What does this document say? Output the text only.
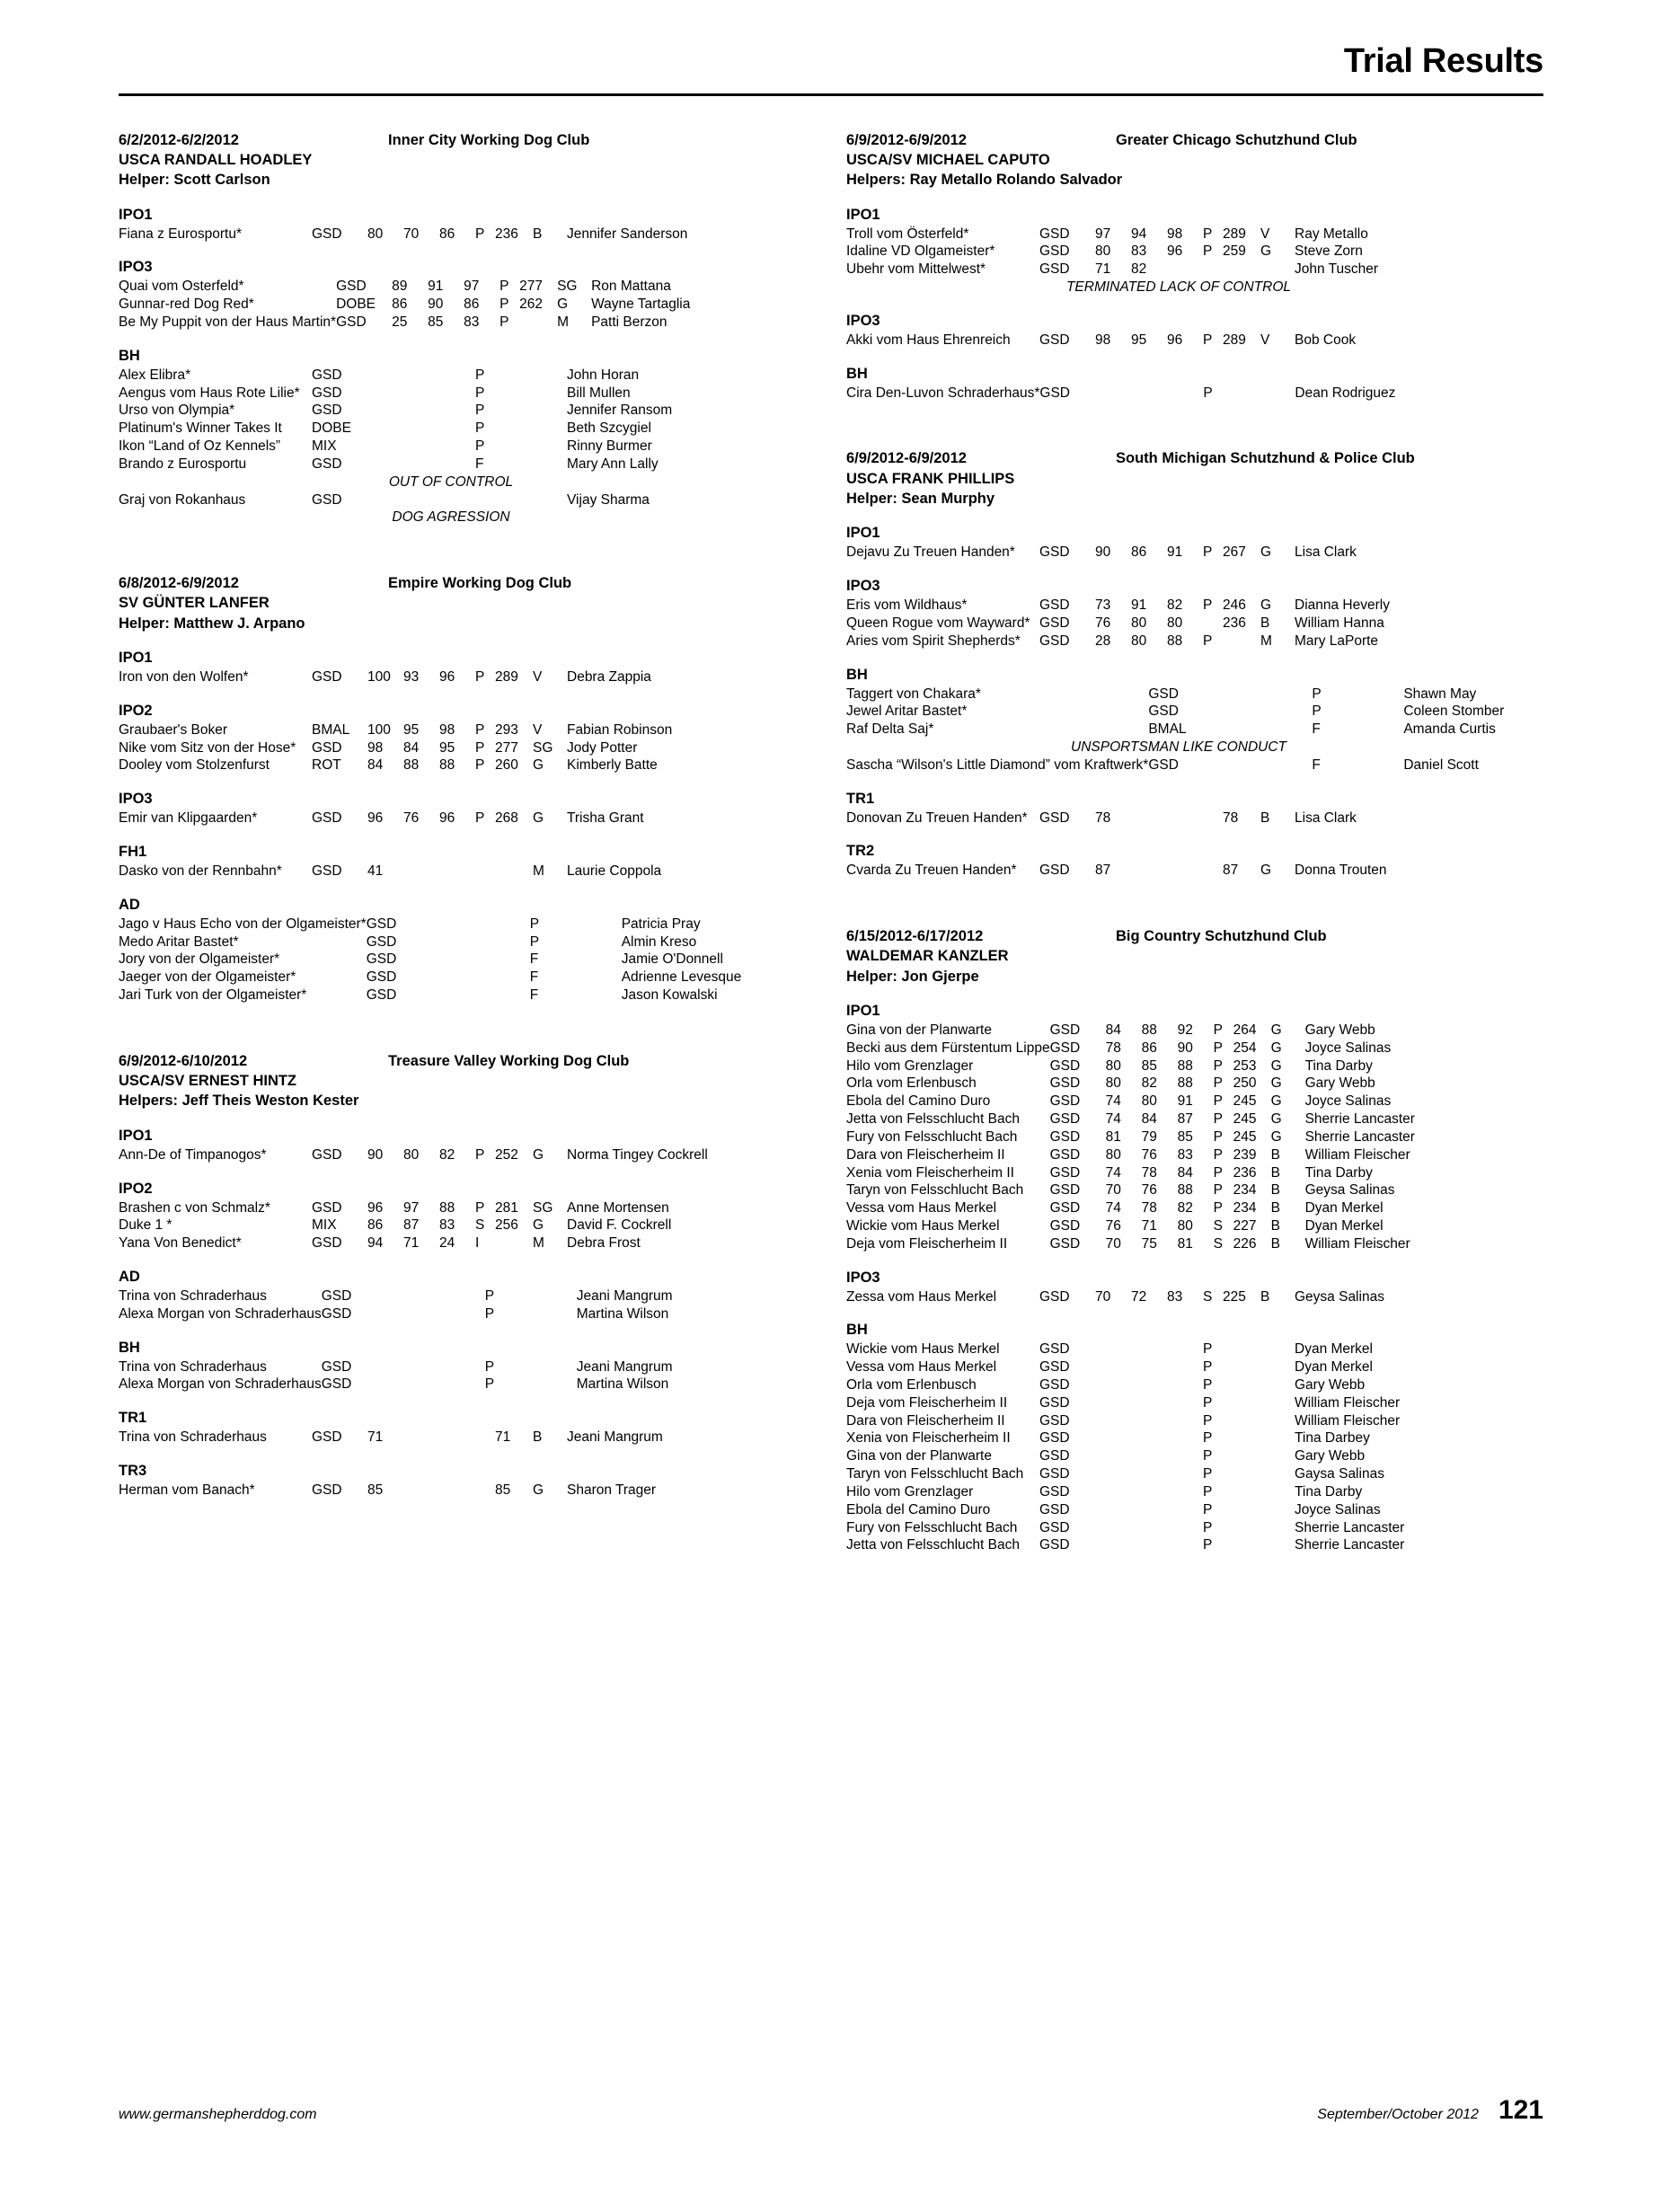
Trial Results
6/2/2012-6/2/2012	Inner City Working Dog Club
USCA RANDALL HOADLEY
Helper: Scott Carlson
IPO1
Fiana z Eurosportu*	GSD	80	70	86	P	236	B	Jennifer Sanderson
IPO3
Quai vom Osterfeld*	GSD	89	91	97	P	277	SG	Ron Mattana
Gunnar-red Dog Red*	DOBE	86	90	86	P	262	G	Wayne Tartaglia
Be My Puppit von der Haus Martin*	GSD	25	85	83	P		M	Patti Berzon
BH
Alex Elibra*	GSD				P			John Horan
Aengus vom Haus Rote Lilie*	GSD				P			Bill Mullen
Urso von Olympia*	GSD				P			Jennifer Ransom
Platinum's Winner Takes It	DOBE				P			Beth Szcygiel
Ikon “Land of Oz Kennels”	MIX				P			Rinny Burmer
Brando z Eurosportu	GSD				F			Mary Ann Lally

OUT OF CONTROL								

Graj von Rokanhaus	GSD							Vijay Sharma

DOG AGRESSION								
6/8/2012-6/9/2012	Empire Working Dog Club
SV GÜNTER LANFER
Helper: Matthew J. Arpano
IPO1
Iron von den Wolfen*	GSD	100	93	96	P	289	V	Debra Zappia
IPO2
Graubaer's Boker	BMAL	100	95	98	P	293	V	Fabian Robinson
Nike vom Sitz von der Hose*	GSD	98	84	95	P	277	SG	Jody Potter
Dooley vom Stolzenfurst	ROT	84	88	88	P	260	G	Kimberly Batte
IPO3
Emir van Klipgaarden*	GSD	96	76	96	P	268	G	Trisha Grant
FH1
Dasko von der Rennbahn*	GSD	41					M	Laurie Coppola
AD
Jago v Haus Echo von der Olgameister*	GSD				P			Patricia Pray
Medo Aritar Bastet*	GSD				P			Almin Kreso
Jory von der Olgameister*	GSD				F			Jamie O'Donnell
Jaeger von der Olgameister*	GSD				F			Adrienne Levesque
Jari Turk von der Olgameister*	GSD				F			Jason Kowalski
6/9/2012-6/10/2012	Treasure Valley Working Dog Club
USCA/SV ERNEST HINTZ
Helpers: Jeff Theis Weston Kester
IPO1
Ann-De of Timpanogos*	GSD	90	80	82	P	252	G	Norma Tingey Cockrell
IPO2
Brashen c von Schmalz*	GSD	96	97	88	P	281	SG	Anne Mortensen
Duke 1 *	MIX	86	87	83	S	256	G	David F. Cockrell
Yana Von Benedict*	GSD	94	71	24	I		M	Debra Frost
AD
Trina von Schraderhaus	GSD				P			Jeani Mangrum
Alexa Morgan von Schraderhaus	GSD				P			Martina Wilson
BH
Trina von Schraderhaus	GSD				P			Jeani Mangrum
Alexa Morgan von Schraderhaus	GSD				P			Martina Wilson
TR1
Trina von Schraderhaus	GSD	71				71	B	Jeani Mangrum
TR3
Herman vom Banach*	GSD	85				85	G	Sharon Trager
6/9/2012-6/9/2012	Greater Chicago Schutzhund Club
USCA/SV MICHAEL CAPUTO
Helpers: Ray Metallo Rolando Salvador
IPO1
Troll vom Österfeld*	GSD	97	94	98	P	289	V	Ray Metallo
Idaline VD Olgameister*	GSD	80	83	96	P	259	G	Steve Zorn
Ubehr vom Mittelwest*	GSD	71	82					John Tuscher

TERMINATED LACK OF CONTROL								
IPO3
Akki vom Haus Ehrenreich	GSD	98	95	96	P	289	V	Bob Cook
BH
Cira Den-Luvon Schraderhaus*	GSD				P			Dean Rodriguez
6/9/2012-6/9/2012	South Michigan Schutzhund & Police Club
USCA FRANK PHILLIPS
Helper: Sean Murphy
IPO1
Dejavu Zu Treuen Handen*	GSD	90	86	91	P	267	G	Lisa Clark
IPO3
Eris vom Wildhaus*	GSD	73	91	82	P	246	G	Dianna Heverly
Queen Rogue vom Wayward*	GSD	76	80	80		236	B	William Hanna
Aries vom Spirit Shepherds*	GSD	28	80	88	P		M	Mary LaPorte
BH
Taggert von Chakara*	GSD				P			Shawn May
Jewel Aritar Bastet*	GSD				P			Coleen Stomber
Raf Delta Saj*	BMAL				F			Amanda Curtis

UNSPORTSMAN LIKE CONDUCT								

Sascha “Wilson's Little Diamond” vom Kraftwerk*	GSD				F			Daniel Scott
TR1
Donovan Zu Treuen Handen*	GSD	78				78	B	Lisa Clark
TR2
Cvarda Zu Treuen Handen*	GSD	87				87	G	Donna Trouten
6/15/2012-6/17/2012	Big Country Schutzhund Club
WALDEMAR KANZLER
Helper: Jon Gjerpe
IPO1
Gina von der Planwarte	GSD	84	88	92	P	264	G	Gary Webb
Becki aus dem Fürstentum Lippe	GSD	78	86	90	P	254	G	Joyce Salinas
Hilo vom Grenzlager	GSD	80	85	88	P	253	G	Tina Darby
Orla vom Erlenbusch	GSD	80	82	88	P	250	G	Gary Webb
Ebola del Camino Duro	GSD	74	80	91	P	245	G	Joyce Salinas
Jetta von Felsschlucht Bach	GSD	74	84	87	P	245	G	Sherrie Lancaster
Fury von Felsschlucht Bach	GSD	81	79	85	P	245	G	Sherrie Lancaster
Dara von Fleischerheim II	GSD	80	76	83	P	239	B	William Fleischer
Xenia vom Fleischerheim II	GSD	74	78	84	P	236	B	Tina Darby
Taryn von Felsschlucht Bach	GSD	70	76	88	P	234	B	Geysa Salinas
Vessa vom Haus Merkel	GSD	74	78	82	P	234	B	Dyan Merkel
Wickie vom Haus Merkel	GSD	76	71	80	S	227	B	Dyan Merkel
Deja vom Fleischerheim II	GSD	70	75	81	S	226	B	William Fleischer
IPO3
Zessa vom Haus Merkel	GSD	70	72	83	S	225	B	Geysa Salinas
BH
Wickie vom Haus Merkel	GSD				P			Dyan Merkel
Vessa vom Haus Merkel	GSD				P			Dyan Merkel
Orla vom Erlenbusch	GSD				P			Gary Webb
Deja vom Fleischerheim II	GSD				P			William Fleischer
Dara von Fleischerheim II	GSD				P			William Fleischer
Xenia von Fleischerheim II	GSD				P			Tina Darbey
Gina von der Planwarte	GSD				P			Gary Webb
Taryn von Felsschlucht Bach	GSD				P			Gaysa Salinas
Hilo vom Grenzlager	GSD				P			Tina Darby
Ebola del Camino Duro	GSD				P			Joyce Salinas
Fury von Felsschlucht Bach	GSD				P			Sherrie Lancaster
Jetta von Felsschlucht Bach	GSD				P			Sherrie Lancaster
www.germanshepherddog.com	September/October 2012 121
